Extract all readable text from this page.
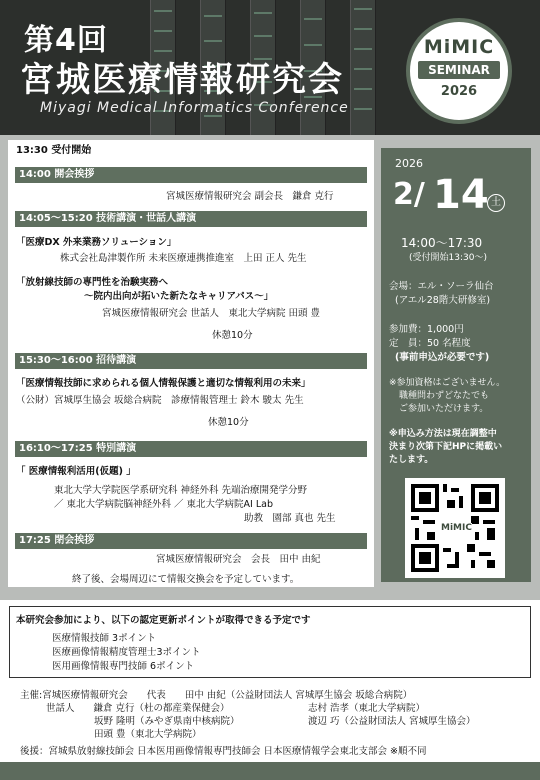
第4回
宮城医療情報研究会
Miyagi Medical Informatics Conference
MiMIC
SEMINAR
2026
13:30 受付開始
14:00 開会挨拶
宮城医療情報研究会 副会長　鎌倉 克行
14:05～15:20 技術講演・世話人講演
「医療DX 外来業務ソリューション」
株式会社島津製作所 未来医療連携推進室　上田 正人 先生
「放射線技師の専門性を治験実務へ
～院内出向が拓いた新たなキャリアパス～」
宮城医療情報研究会 世話人　東北大学病院 田頭 豊
休憩10分
15:30～16:00 招待講演
「医療情報技師に求められる個人情報保護と適切な情報利用の未来」
（公財）宮城厚生協会 坂総合病院　診療情報管理士 鈴木 駿太 先生
休憩10分
16:10～17:25 特別講演
「 医療情報利活用(仮題) 」
東北大学大学院医学系研究科 神経外科 先端治療開発学分野
／ 東北大学病院脳神経外科 ／ 東北大学病院AI Lab
助教　園部 真也 先生
17:25 閉会挨拶
宮城医療情報研究会　会長　田中 由紀
終了後、会場周辺にて情報交換会を予定しています。
2026
2/ 14 土
14:00～17:30
(受付開始13:30～)
会場：エル・ソーラ仙台
(アエル28階大研修室)
参加費：1,000円
定　員：50 名程度
(事前申込が必要です)
※参加資格はございません。
職種問わずどなたでも
ご参加いただけます。
※申込み方法は現在調整中
決まり次第下記HPに掲載い
たします。
MiMIC
本研究会参加により、以下の認定更新ポイントが取得できる予定です
医療情報技師 3ポイント
医療画像情報精度管理士3ポイント
医用画像情報専門技師 6ポイント
主催:宮城医療情報研究会　　代表　　田中 由紀（公益財団法人 宮城厚生協会 坂総合病院）
世話人　　鎌倉 克行（杜の都産業保健会）	志村 浩孝（東北大学病院）
坂野 隆明（みやぎ県南中核病院）	渡辺 巧（公益財団法人 宮城厚生協会）
田頭 豊（東北大学病院）
後援：宮城県放射線技師会 日本医用画像情報専門技師会 日本医療情報学会東北支部会 ※順不同
